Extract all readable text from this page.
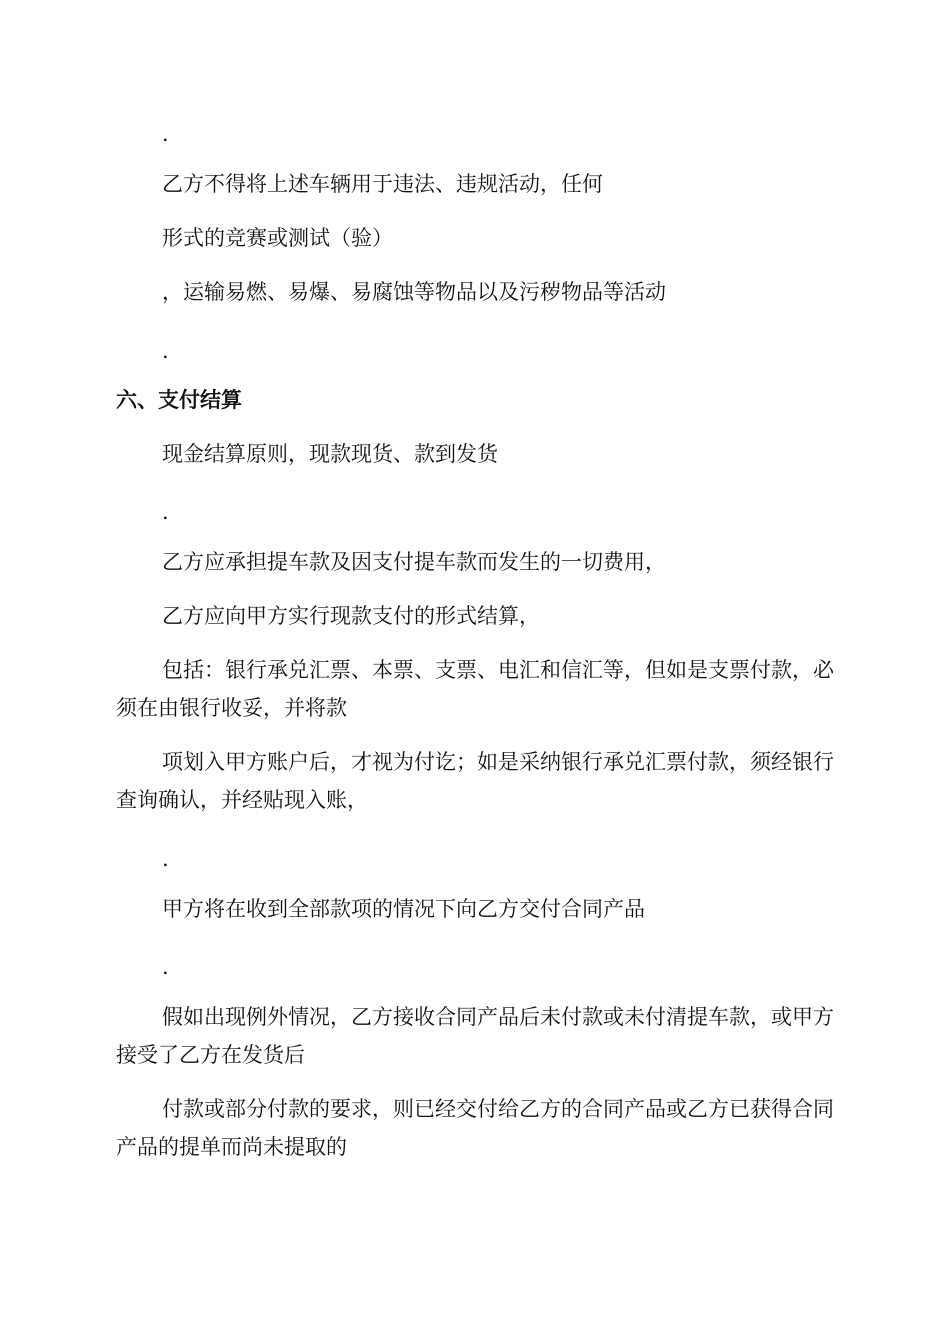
.
乙方不得将上述车辆用于违法、违规活动，任何
形式的竞赛或测试（验）
，运输易燃、易爆、易腐蚀等物品以及污秽物品等活动
.
六、支付结算
现金结算原则，现款现货、款到发货
.
乙方应承担提车款及因支付提车款而发生的一切费用，
乙方应向甲方实行现款支付的形式结算，
包括：银行承兑汇票、本票、支票、电汇和信汇等，但如是支票付款，必须在由银行收妥，并将款
项划入甲方账户后，才视为付讫；如是采纳银行承兑汇票付款，须经银行查询确认，并经贴现入账，
.
甲方将在收到全部款项的情况下向乙方交付合同产品
.
假如出现例外情况，乙方接收合同产品后未付款或未付清提车款，或甲方接受了乙方在发货后
付款或部分付款的要求，则已经交付给乙方的合同产品或乙方已获得合同产品的提单而尚未提取的
